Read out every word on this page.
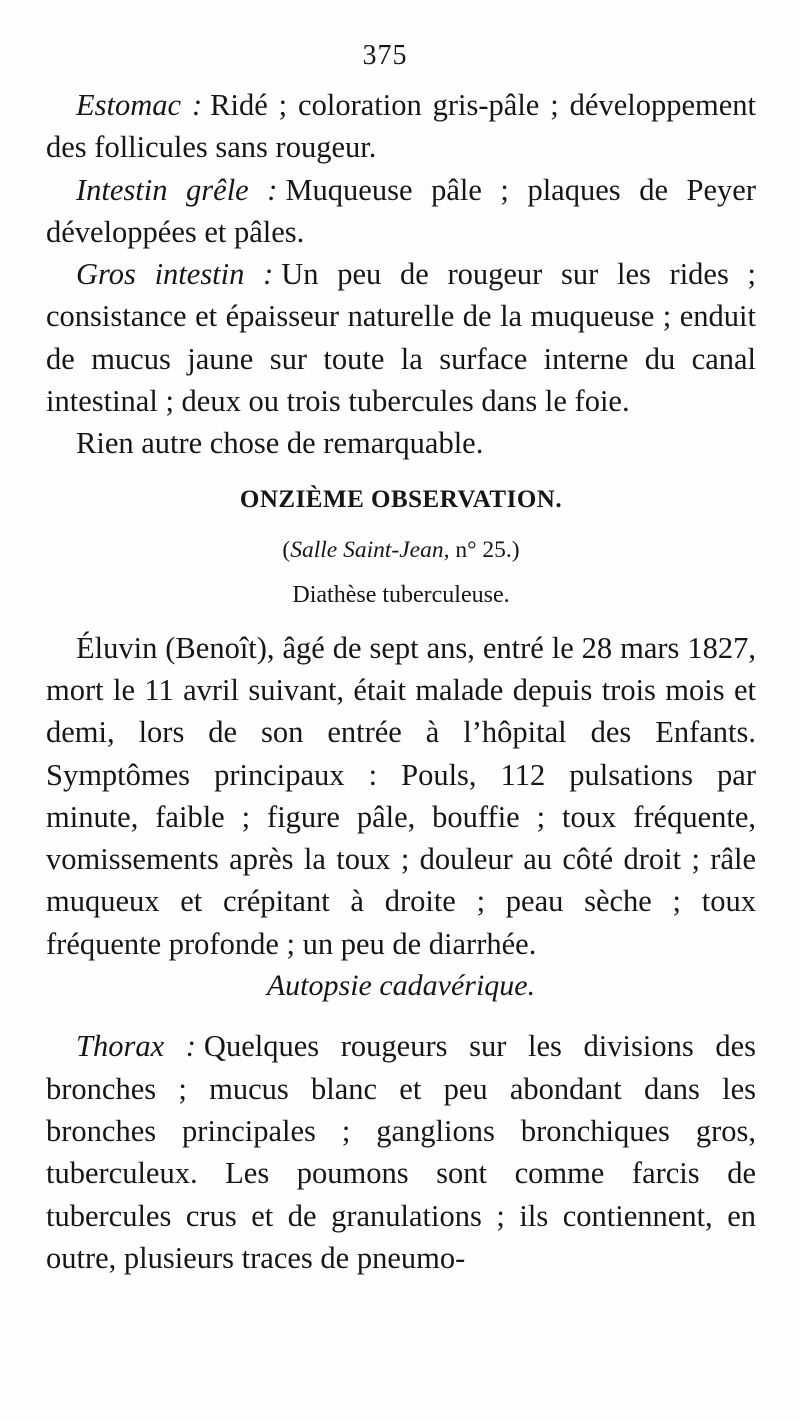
375

Estomac : Ridé ; coloration gris-pâle ; développement des follicules sans rougeur.

Intestin grêle : Muqueuse pâle ; plaques de Peyer développées et pâles.

Gros intestin : Un peu de rougeur sur les rides ; consistance et épaisseur naturelle de la muqueuse ; enduit de mucus jaune sur toute la surface interne du canal intestinal ; deux ou trois tubercules dans le foie.

Rien autre chose de remarquable.

ONZIÈME OBSERVATION.

(Salle Saint-Jean, n° 25.)

Diathèse tuberculeuse.

Éluvin (Benoît), âgé de sept ans, entré le 28 mars 1827, mort le 11 avril suivant, était malade depuis trois mois et demi, lors de son entrée à l’hôpital des Enfants. Symptômes principaux : Pouls, 112 pulsations par minute, faible ; figure pâle, bouffie ; toux fréquente, vomissements après la toux ; douleur au côté droit ; râle muqueux et crépitant à droite ; peau sèche ; toux fréquente profonde ; un peu de diarrhée.

Autopsie cadavérique.

Thorax : Quelques rougeurs sur les divisions des bronches ; mucus blanc et peu abondant dans les bronches principales ; ganglions bronchiques gros, tuberculeux. Les poumons sont comme farcis de tubercules crus et de granulations ; ils contiennent, en outre, plusieurs traces de pneumo-
